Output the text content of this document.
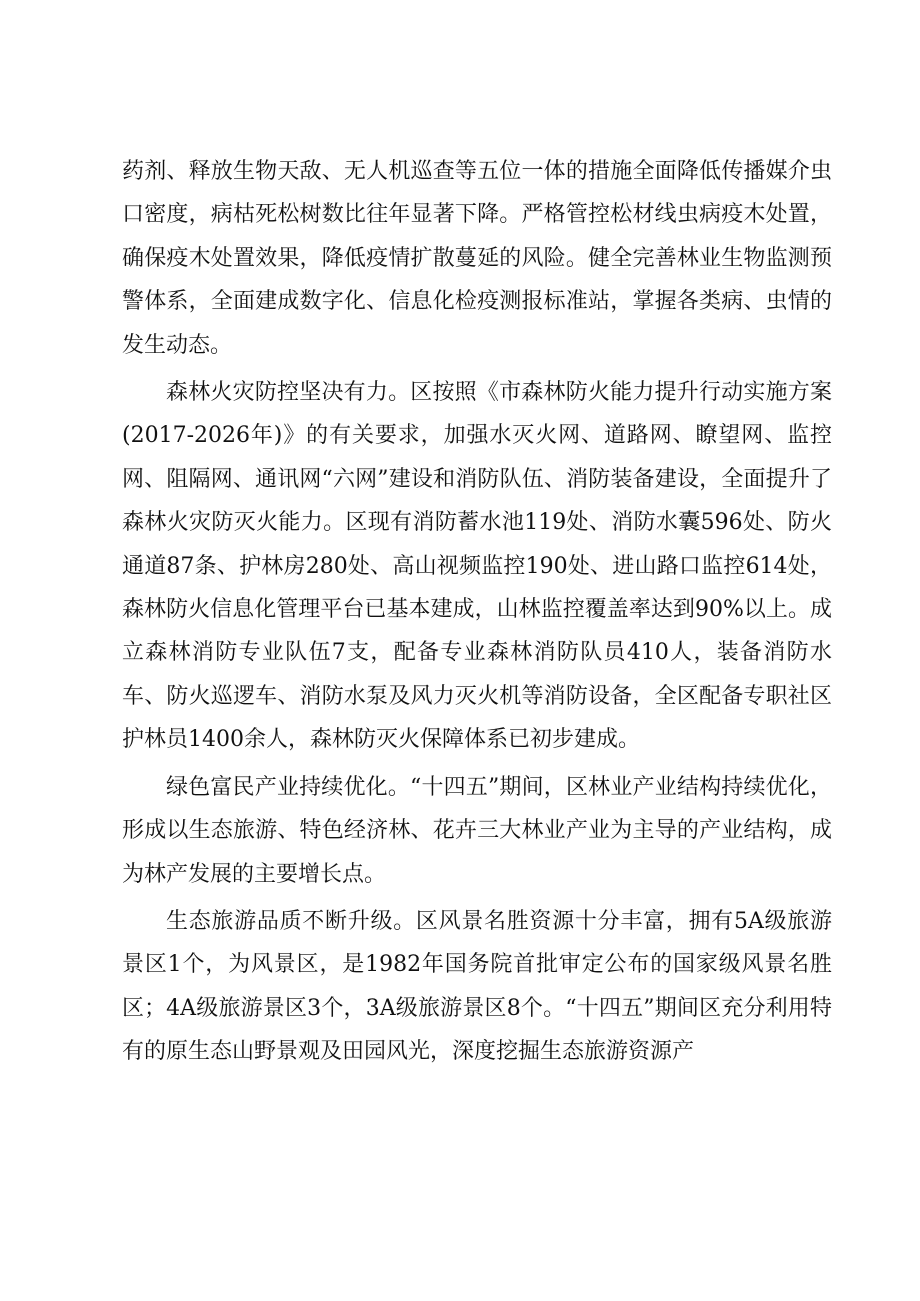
药剂、释放生物天敌、无人机巡查等五位一体的措施全面降低传播媒介虫口密度，病枯死松树数比往年显著下降。严格管控松材线虫病疫木处置，确保疫木处置效果，降低疫情扩散蔓延的风险。健全完善林业生物监测预警体系，全面建成数字化、信息化检疫测报标准站，掌握各类病、虫情的发生动态。

森林火灾防控坚决有力。区按照《市森林防火能力提升行动实施方案(2017-2026年)》的有关要求，加强水灭火网、道路网、瞭望网、监控网、阻隔网、通讯网“六网”建设和消防队伍、消防装备建设，全面提升了森林火灾防灭火能力。区现有消防蓄水池119处、消防水囊596处、防火通道87条、护林房280处、高山视频监控190处、进山路口监控614处，森林防火信息化管理平台已基本建成，山林监控覆盖率达到90%以上。成立森林消防专业队伍7支，配备专业森林消防队员410人，装备消防水车、防火巡逻车、消防水泵及风力灭火机等消防设备，全区配备专职社区护林员1400余人，森林防灭火保障体系已初步建成。

绿色富民产业持续优化。“十四五”期间，区林业产业结构持续优化，形成以生态旅游、特色经济林、花卉三大林业产业为主导的产业结构，成为林产发展的主要增长点。

生态旅游品质不断升级。区风景名胜资源十分丰富，拥有5A级旅游景区1个，为风景区，是1982年国务院首批审定公布的国家级风景名胜区；4A级旅游景区3个，3A级旅游景区8个。“十四五”期间区充分利用特有的原生态山野景观及田园风光，深度挖掘生态旅游资源产
